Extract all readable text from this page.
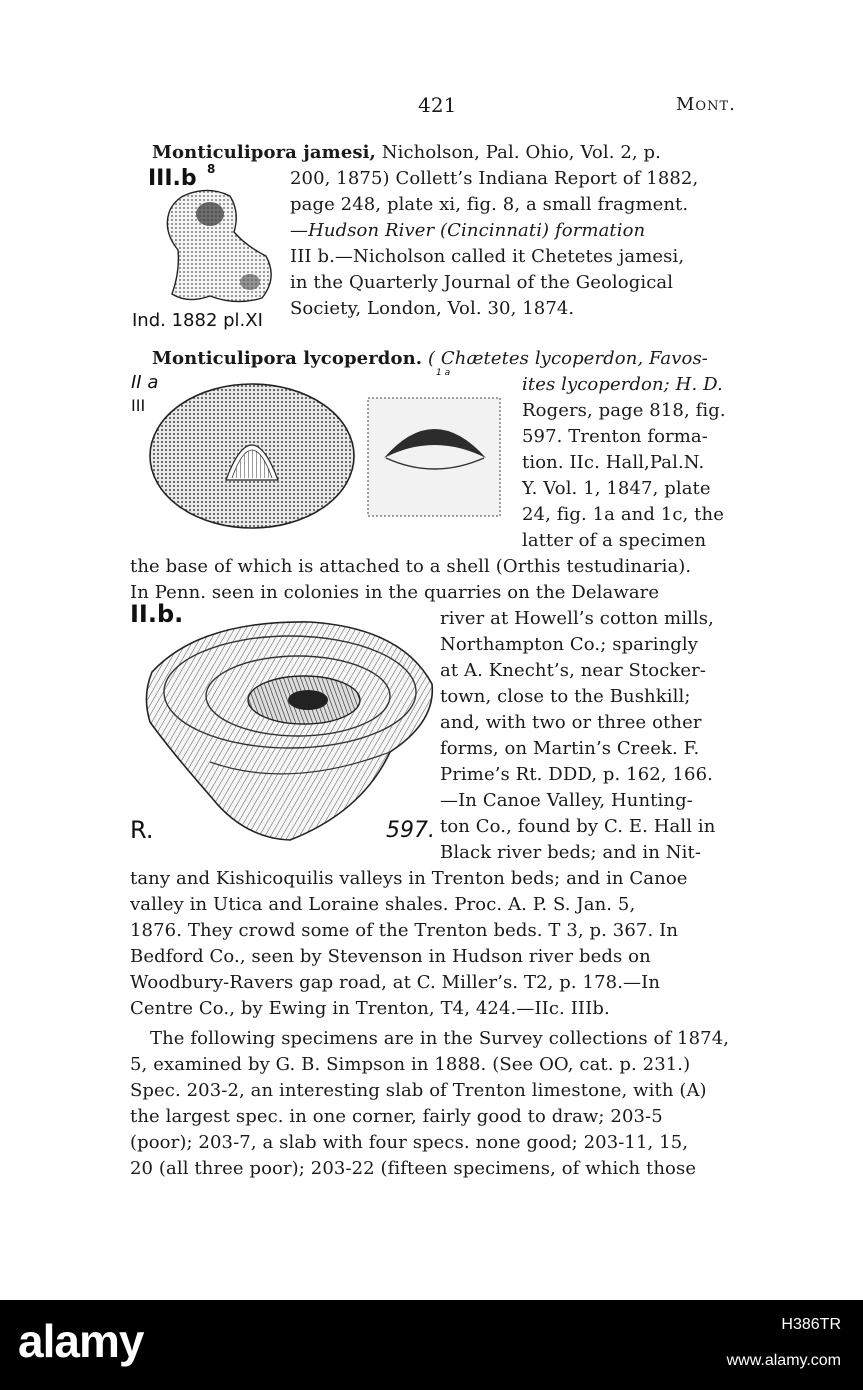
421	Mont.
Monticulipora jamesi, Nicholson, Pal. Ohio, Vol. 2, p.
200, 1875) Collett’s Indiana Report of 1882,
page 248, plate xi, fig. 8, a small fragment.
—Hudson River (Cincinnati) formation
III b.—Nicholson called it Chetetes jamesi,
in the Quarterly Journal of the Geological
Society, London, Vol. 30, 1874.
III.b 8
Ind. 1882 pl.XI
Monticulipora lycoperdon. ( Chætetes lycoperdon, Favos-
II a
III
1 a
ites lycoperdon; H. D.
Rogers, page 818, fig.
597. Trenton forma-
tion. IIc. Hall,Pal.N.
Y. Vol. 1, 1847, plate
24, fig. 1a and 1c, the
latter of a specimen
the base of which is attached to a shell (Orthis testudinaria).
In Penn. seen in colonies in the quarries on the Delaware
II.b.	river at Howell’s cotton mills,
Northampton Co.; sparingly
at A. Knecht’s, near Stocker-
town, close to the Bushkill;
and, with two or three other
forms, on Martin’s Creek. F.
Prime’s Rt. DDD, p. 162, 166.
—In Canoe Valley, Hunting-
ton Co., found by C. E. Hall in
R.	597.
Black river beds; and in Nit-
tany and Kishicoquilis valleys in Trenton beds; and in Canoe
valley in Utica and Loraine shales. Proc. A. P. S. Jan. 5,
1876. They crowd some of the Trenton beds. T 3, p. 367. In
Bedford Co., seen by Stevenson in Hudson river beds on
Woodbury-Ravers gap road, at C. Miller’s. T2, p. 178.—In
Centre Co., by Ewing in Trenton, T4, 424.—IIc. IIIb.
The following specimens are in the Survey collections of 1874,
5, examined by G. B. Simpson in 1888. (See OO, cat. p. 231.)
Spec. 203-2, an interesting slab of Trenton limestone, with (A)
the largest spec. in one corner, fairly good to draw; 203-5
(poor); 203-7, a slab with four specs. none good; 203-11, 15,
20 (all three poor); 203-22 (fifteen specimens, of which those
alamy	H386TR
www.alamy.com
